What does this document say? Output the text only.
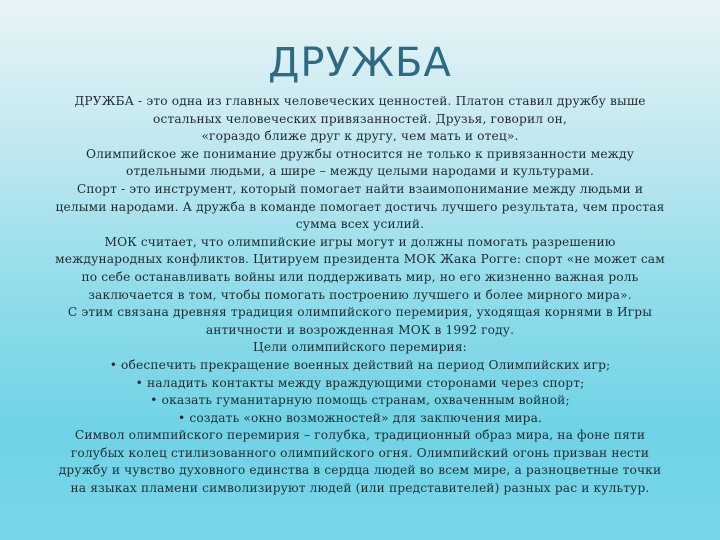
ДРУЖБА

ДРУЖБА - это одна из главных человеческих ценностей. Платон ставил дружбу выше остальных человеческих привязанностей. Друзья, говорил он,

«гораздо ближе друг к другу, чем мать и отец».

Олимпийское же понимание дружбы относится не только к привязанности между отдельными людьми, а шире – между целыми народами и культурами.

Спорт - это инструмент, который помогает найти взаимопонимание между людьми и целыми народами. А дружба в команде помогает достичь лучшего результата, чем простая сумма всех усилий.

МОК считает, что олимпийские игры могут и должны помогать разрешению международных конфликтов. Цитируем президента МОК Жака Рогге: спорт «не может сам по себе останавливать войны или поддерживать мир, но его жизненно важная роль заключается в том, чтобы помогать построению лучшего и более мирного мира».

С этим связана древняя традиция олимпийского перемирия, уходящая корнями в Игры античности и возрожденная МОК в 1992 году.

Цели олимпийского перемирия:

• обеспечить прекращение военных действий на период Олимпийских игр;

• наладить контакты между враждующими сторонами через спорт;

• оказать гуманитарную помощь странам, охваченным войной;

• создать «окно возможностей» для заключения мира.

Символ олимпийского перемирия – голубка, традиционный образ мира, на фоне пяти голубых колец стилизованного олимпийского огня. Олимпийский огонь призван нести дружбу и чувство духовного единства в сердца людей во всем мире, а разноцветные точки на языках пламени символизируют людей (или представителей) разных рас и культур.
